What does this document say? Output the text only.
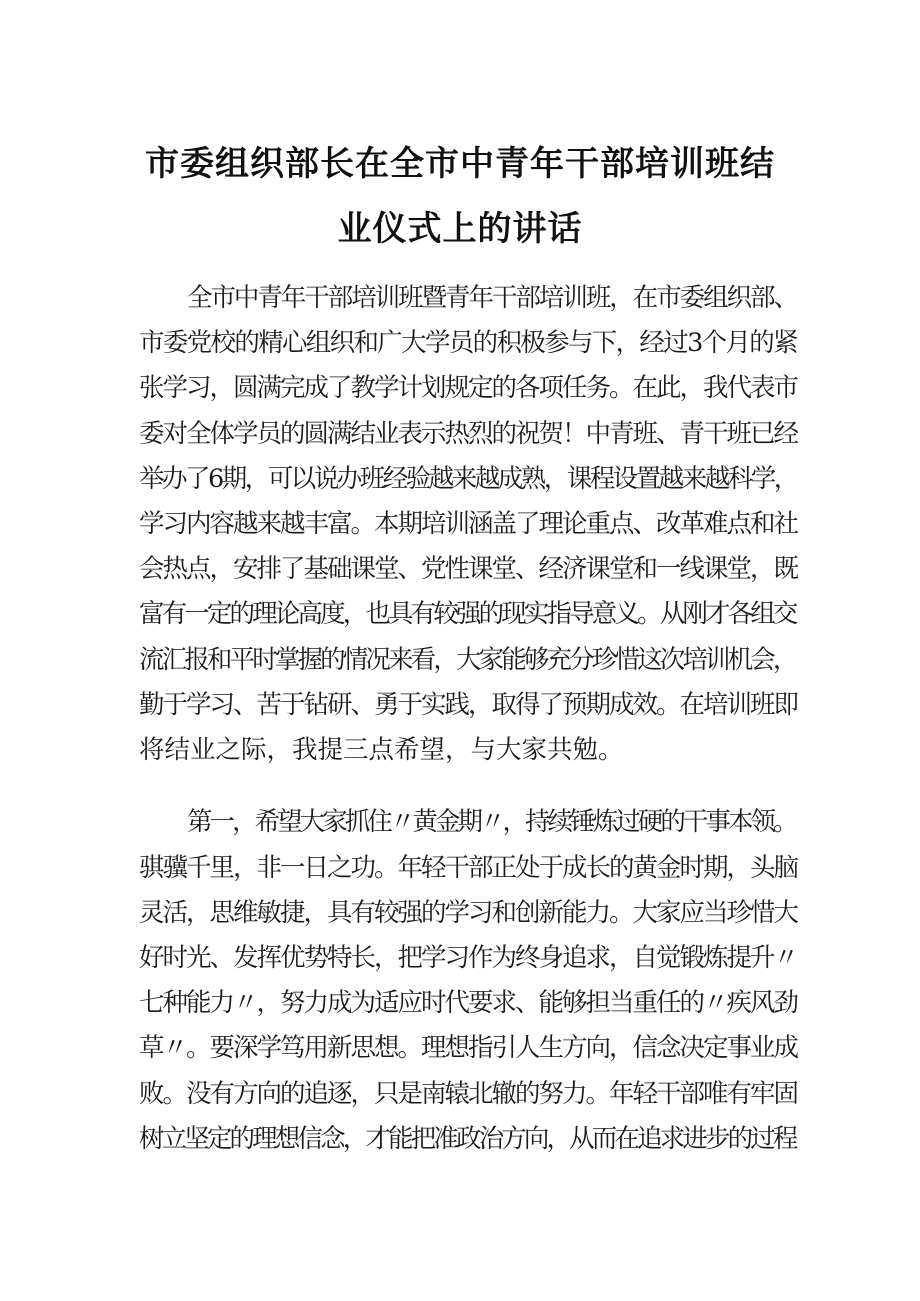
市委组织部长在全市中青年干部培训班结
业仪式上的讲话
全市中青年干部培训班暨青年干部培训班，在市委组织部、
市委党校的精心组织和广大学员的积极参与下，经过3个月的紧
张学习，圆满完成了教学计划规定的各项任务。在此，我代表市
委对全体学员的圆满结业表示热烈的祝贺！中青班、青干班已经
举办了6期，可以说办班经验越来越成熟，课程设置越来越科学，
学习内容越来越丰富。本期培训涵盖了理论重点、改革难点和社
会热点，安排了基础课堂、党性课堂、经济课堂和一线课堂，既
富有一定的理论高度，也具有较强的现实指导意义。从刚才各组交
流汇报和平时掌握的情况来看，大家能够充分珍惜这次培训机会，
勤于学习、苦于钻研、勇于实践，取得了预期成效。在培训班即
将结业之际，我提三点希望，与大家共勉。
第一，希望大家抓住〃黄金期〃，持续锤炼过硬的干事本领。
骐骥千里，非一日之功。年轻干部正处于成长的黄金时期，头脑
灵活，思维敏捷，具有较强的学习和创新能力。大家应当珍惜大
好时光、发挥优势特长，把学习作为终身追求，自觉锻炼提升〃
七种能力〃，努力成为适应时代要求、能够担当重任的〃疾风劲
草〃。要深学笃用新思想。理想指引人生方向，信念决定事业成
败。没有方向的追逐，只是南辕北辙的努力。年轻干部唯有牢固
树立坚定的理想信念，才能把准政治方向，从而在追求进步的过程
